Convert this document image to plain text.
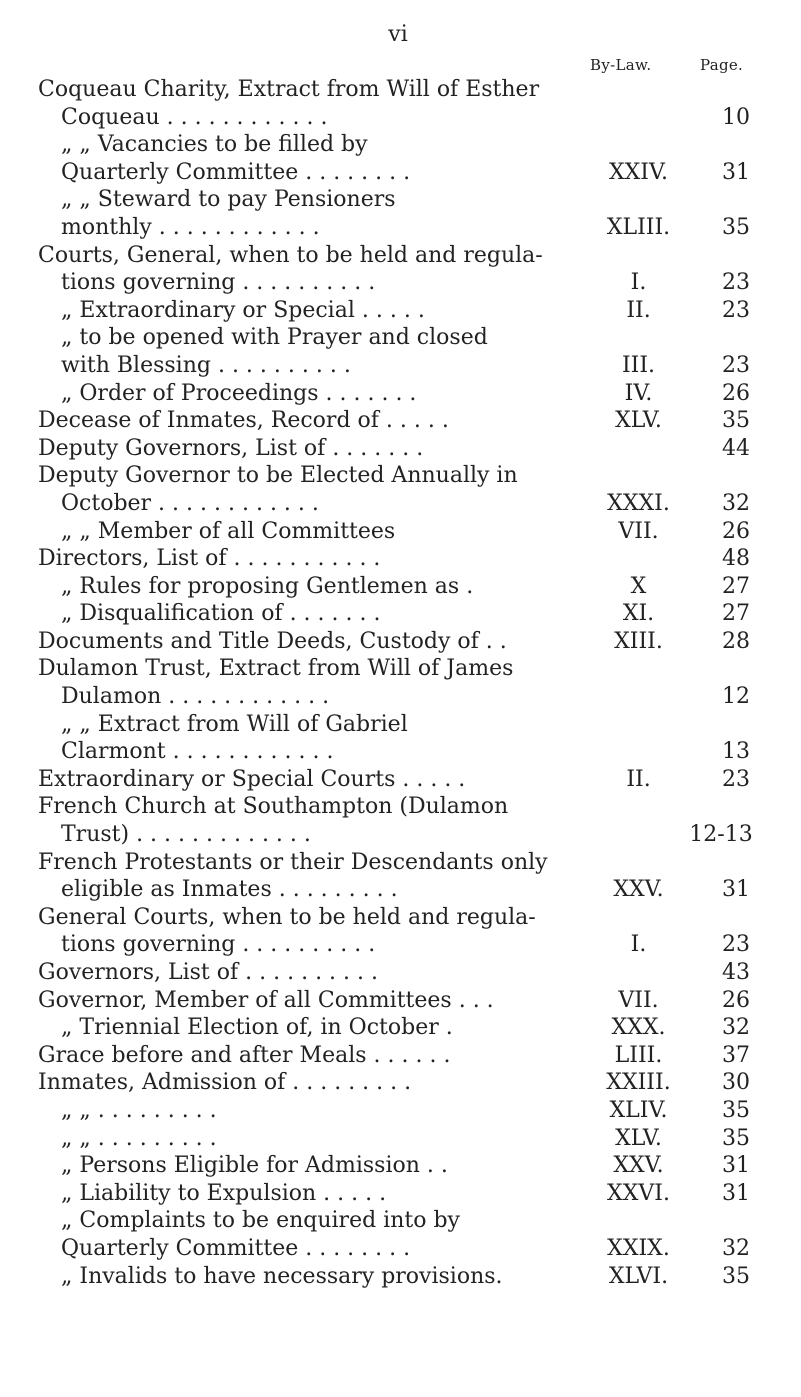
vi
By-Law.	Page.
Coqueau Charity, Extract from Will of Esther
Coqueau . . . . . . . . . . . .	10
„ „ Vacancies to be filled by
Quarterly Committee . . . . . . . .	XXIV.	31
„ „ Steward to pay Pensioners
monthly . . . . . . . . . . . .	XLIII.	35
Courts, General, when to be held and regula-
tions governing . . . . . . . . . .	I.	23
„ Extraordinary or Special . . . . .	II.	23
„ to be opened with Prayer and closed
with Blessing . . . . . . . . . .	III.	23
„ Order of Proceedings . . . . . . .	IV.	26
Decease of Inmates, Record of . . . . .	XLV.	35
Deputy Governors, List of . . . . . . .	44
Deputy Governor to be Elected Annually in
October . . . . . . . . . . . .	XXXI.	32
„ „ Member of all Committees	VII.	26
Directors, List of . . . . . . . . . . .	48
„ Rules for proposing Gentlemen as .	X	27
„ Disqualification of . . . . . . .	XI.	27
Documents and Title Deeds, Custody of . .	XIII.	28
Dulamon Trust, Extract from Will of James
Dulamon . . . . . . . . . . . .	12
„ „ Extract from Will of Gabriel
Clarmont . . . . . . . . . . . .	13
Extraordinary or Special Courts . . . . .	II.	23
French Church at Southampton (Dulamon
Trust) . . . . . . . . . . . . .	12-13
French Protestants or their Descendants only
eligible as Inmates . . . . . . . . .	XXV.	31
General Courts, when to be held and regula-
tions governing . . . . . . . . . .	I.	23
Governors, List of . . . . . . . . . .	43
Governor, Member of all Committees . . .	VII.	26
„ Triennial Election of, in October .	XXX.	32
Grace before and after Meals . . . . . .	LIII.	37
Inmates, Admission of . . . . . . . . .	XXIII.	30
„ „ . . . . . . . . .	XLIV.	35
„ „ . . . . . . . . .	XLV.	35
„ Persons Eligible for Admission . .	XXV.	31
„ Liability to Expulsion . . . . .	XXVI.	31
„ Complaints to be enquired into by
Quarterly Committee . . . . . . . .	XXIX.	32
„ Invalids to have necessary provisions.	XLVI.	35
